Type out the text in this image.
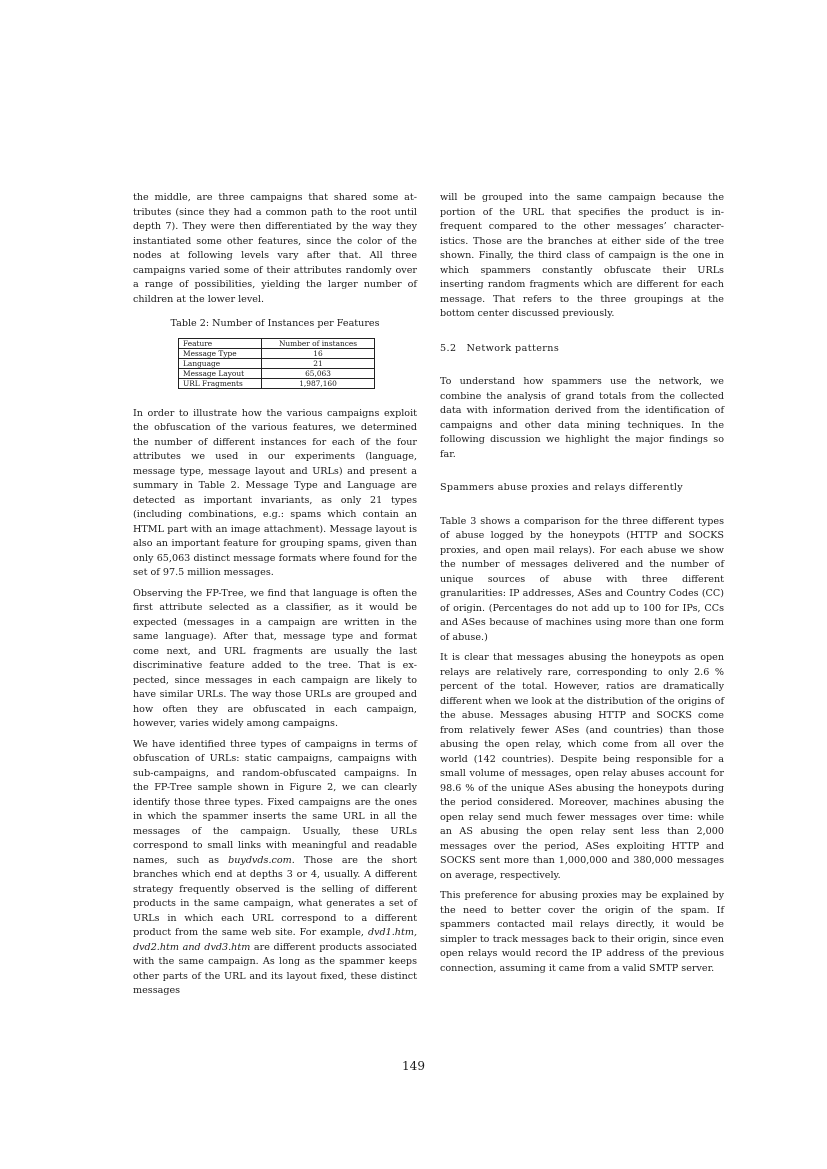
the middle, are three campaigns that shared some attributes (since they had a common path to the root until depth 7). They were then differentiated by the way they instantiated some other features, since the color of the nodes at following levels vary after that. All three campaigns varied some of their attributes randomly over a range of possibilities, yielding the larger number of children at the lower level.

Table 2: Number of Instances per Features
Feature	Number of instances
Message Type	16
Language	21
Message Layout	65,063
URL Fragments	1,987,160

In order to illustrate how the various campaigns exploit the obfuscation of the various features, we determined the number of different instances for each of the four attributes we used in our experiments (language, message type, message layout and URLs) and present a summary in Table 2. Message Type and Language are detected as important invariants, as only 21 types (including combinations, e.g.: spams which contain an HTML part with an image attachment). Message layout is also an important feature for grouping spams, given than only 65,063 distinct message formats where found for the set of 97.5 million messages.

Observing the FP-Tree, we find that language is often the first attribute selected as a classifier, as it would be expected (messages in a campaign are written in the same language). After that, message type and format come next, and URL fragments are usually the last discriminative feature added to the tree. That is expected, since messages in each campaign are likely to have similar URLs. The way those URLs are grouped and how often they are obfuscated in each campaign, however, varies widely among campaigns.

We have identified three types of campaigns in terms of obfuscation of URLs: static campaigns, campaigns with sub-campaigns, and random-obfuscated campaigns. In the FP-Tree sample shown in Figure 2, we can clearly identify those three types. Fixed campaigns are the ones in which the spammer inserts the same URL in all the messages of the campaign. Usually, these URLs correspond to small links with meaningful and readable names, such as buydvds.com. Those are the short branches which end at depths 3 or 4, usually. A different strategy frequently observed is the selling of different products in the same campaign, what generates a set of URLs in which each URL correspond to a different product from the same web site. For example, dvd1.htm, dvd2.htm and dvd3.htm are different products associated with the same campaign. As long as the spammer keeps other parts of the URL and its layout fixed, these distinct messages

will be grouped into the same campaign because the portion of the URL that specifies the product is infrequent compared to the other messages’ characteristics. Those are the branches at either side of the tree shown. Finally, the third class of campaign is the one in which spammers constantly obfuscate their URLs inserting random fragments which are different for each message. That refers to the three groupings at the bottom center discussed previously.

5.2 Network patterns

To understand how spammers use the network, we combine the analysis of grand totals from the collected data with information derived from the identification of campaigns and other data mining techniques. In the following discussion we highlight the major findings so far.

Spammers abuse proxies and relays differently

Table 3 shows a comparison for the three different types of abuse logged by the honeypots (HTTP and SOCKS proxies, and open mail relays). For each abuse we show the number of messages delivered and the number of unique sources of abuse with three different granularities: IP addresses, ASes and Country Codes (CC) of origin. (Percentages do not add up to 100 for IPs, CCs and ASes because of machines using more than one form of abuse.)

It is clear that messages abusing the honeypots as open relays are relatively rare, corresponding to only 2.6 % percent of the total. However, ratios are dramatically different when we look at the distribution of the origins of the abuse. Messages abusing HTTP and SOCKS come from relatively fewer ASes (and countries) than those abusing the open relay, which come from all over the world (142 countries). Despite being responsible for a small volume of messages, open relay abuses account for 98.6 % of the unique ASes abusing the honeypots during the period considered. Moreover, machines abusing the open relay send much fewer messages over time: while an AS abusing the open relay sent less than 2,000 messages over the period, ASes exploiting HTTP and SOCKS sent more than 1,000,000 and 380,000 messages on average, respectively.

This preference for abusing proxies may be explained by the need to better cover the origin of the spam. If spammers contacted mail relays directly, it would be simpler to track messages back to their origin, since even open relays would record the IP address of the previous connection, assuming it came from a valid SMTP server.

149
